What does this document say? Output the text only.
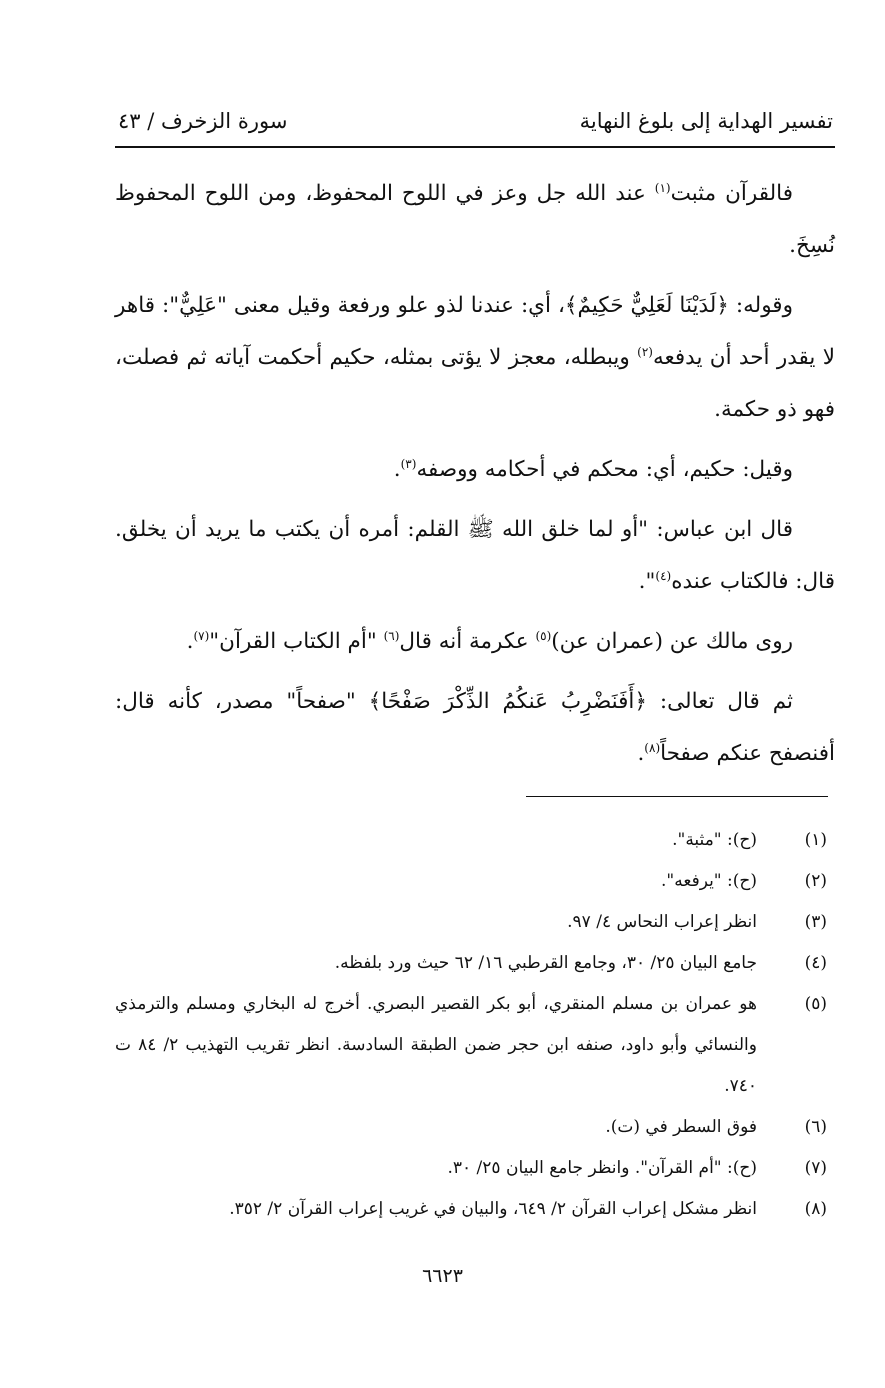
سورة الزخرف / ٤٣	تفسير الهداية إلى بلوغ النهاية

فالقرآن مثبت$^{(١)}$ عند الله جل وعز في اللوح المحفوظ، ومن اللوح المحفوظ نُسِخَ.

وقوله: ﴿لَدَيْنَا لَعَلِيٌّ حَكِيمٌ﴾، أي: عندنا لذو علو ورفعة وقيل معنى "عَلِيٌّ": قاهر لا يقدر أحد أن يدفعه$^{(٢)}$ ويبطله، معجز لا يؤتى بمثله، حكيم أحكمت آياته ثم فصلت، فهو ذو حكمة.

وقيل: حكيم، أي: محكم في أحكامه ووصفه$^{(٣)}$.

قال ابن عباس: "أو لما خلق الله ﷺ القلم: أمره أن يكتب ما يريد أن يخلق. قال: فالكتاب عنده$^{(٤)}$".

روى مالك عن (عمران عن)$^{(٥)}$ عكرمة أنه قال$^{(٦)}$ "أم الكتاب القرآن"$^{(٧)}$.

ثم قال تعالى: ﴿أَفَنَضْرِبُ عَنكُمُ الذِّكْرَ صَفْحًا﴾ "صفحاً" مصدر، كأنه قال: أفنصفح عنكم صفحاً$^{(٨)}$.

(١)
(ح): "مثبة".
(٢)
(ح): "يرفعه".
(٣)
انظر إعراب النحاس ٤/ ٩٧.
(٤)
جامع البيان ٢٥/ ٣٠، وجامع القرطبي ١٦/ ٦٢ حيث ورد بلفظه.
(٥)
هو عمران بن مسلم المنقري، أبو بكر القصير البصري. أخرج له البخاري ومسلم والترمذي والنسائي وأبو داود، صنفه ابن حجر ضمن الطبقة السادسة. انظر تقريب التهذيب ٢/ ٨٤ ت ٧٤٠.
(٦)
فوق السطر في (ت).
(٧)
(ح): "أم القرآن". وانظر جامع البيان ٢٥/ ٣٠.
(٨)
انظر مشكل إعراب القرآن ٢/ ٦٤٩، والبيان في غريب إعراب القرآن ٢/ ٣٥٢.
٦٦٢٣
